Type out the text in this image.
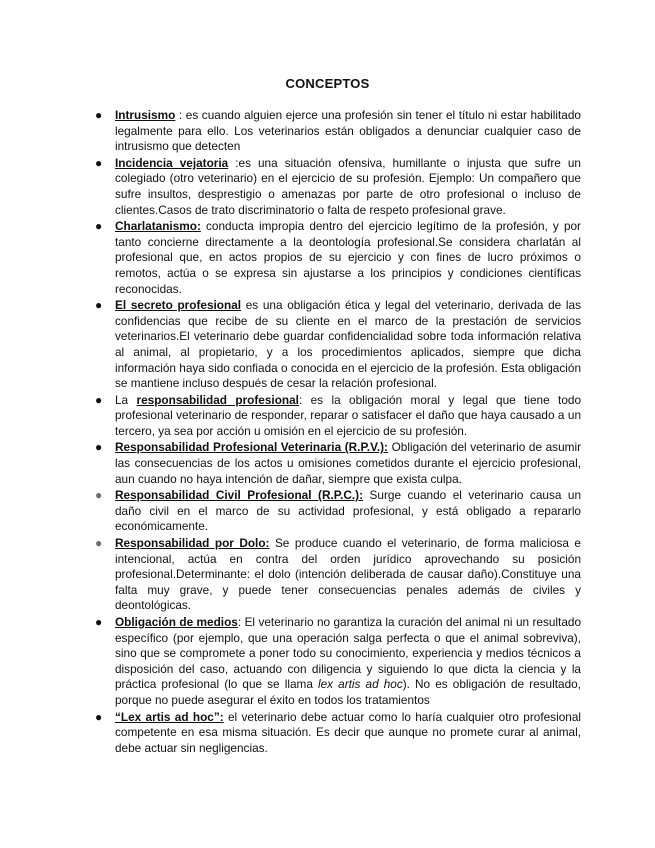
CONCEPTOS
● Intrusismo : es cuando alguien ejerce una profesión sin tener el título ni estar habilitado legalmente para ello. Los veterinarios están obligados a denunciar cualquier caso de intrusismo que detecten
● Incidencia vejatoria :es una situación ofensiva, humillante o injusta que sufre un colegiado (otro veterinario) en el ejercicio de su profesión. Ejemplo: Un compañero que sufre insultos, desprestigio o amenazas por parte de otro profesional o incluso de clientes.Casos de trato discriminatorio o falta de respeto profesional grave.
● Charlatanismo: conducta impropia dentro del ejercicio legítimo de la profesión, y por tanto concierne directamente a la deontología profesional.Se considera charlatán al profesional que, en actos propios de su ejercicio y con fines de lucro próximos o remotos, actúa o se expresa sin ajustarse a los principios y condiciones científicas reconocidas.
● El secreto profesional es una obligación ética y legal del veterinario, derivada de las confidencias que recibe de su cliente en el marco de la prestación de servicios veterinarios.El veterinario debe guardar confidencialidad sobre toda información relativa al animal, al propietario, y a los procedimientos aplicados, siempre que dicha información haya sido confiada o conocida en el ejercicio de la profesión. Esta obligación se mantiene incluso después de cesar la relación profesional.
● La responsabilidad profesional: es la obligación moral y legal que tiene todo profesional veterinario de responder, reparar o satisfacer el daño que haya causado a un tercero, ya sea por acción u omisión en el ejercicio de su profesión.
● Responsabilidad Profesional Veterinaria (R.P.V.): Obligación del veterinario de asumir las consecuencias de los actos u omisiones cometidos durante el ejercicio profesional, aun cuando no haya intención de dañar, siempre que exista culpa.
● Responsabilidad Civil Profesional (R.P.C.): Surge cuando el veterinario causa un daño civil en el marco de su actividad profesional, y está obligado a repararlo económicamente.
● Responsabilidad por Dolo: Se produce cuando el veterinario, de forma maliciosa e intencional, actúa en contra del orden jurídico aprovechando su posición profesional.Determinante: el dolo (intención deliberada de causar daño).Constituye una falta muy grave, y puede tener consecuencias penales además de civiles y deontológicas.
● Obligación de medios: El veterinario no garantiza la curación del animal ni un resultado específico (por ejemplo, que una operación salga perfecta o que el animal sobreviva), sino que se compromete a poner todo su conocimiento, experiencia y medios técnicos a disposición del caso, actuando con diligencia y siguiendo lo que dicta la ciencia y la práctica profesional (lo que se llama lex artis ad hoc). No es obligación de resultado, porque no puede asegurar el éxito en todos los tratamientos
● “Lex artis ad hoc”: el veterinario debe actuar como lo haría cualquier otro profesional competente en esa misma situación. Es decir que aunque no promete curar al animal, debe actuar sin negligencias.
